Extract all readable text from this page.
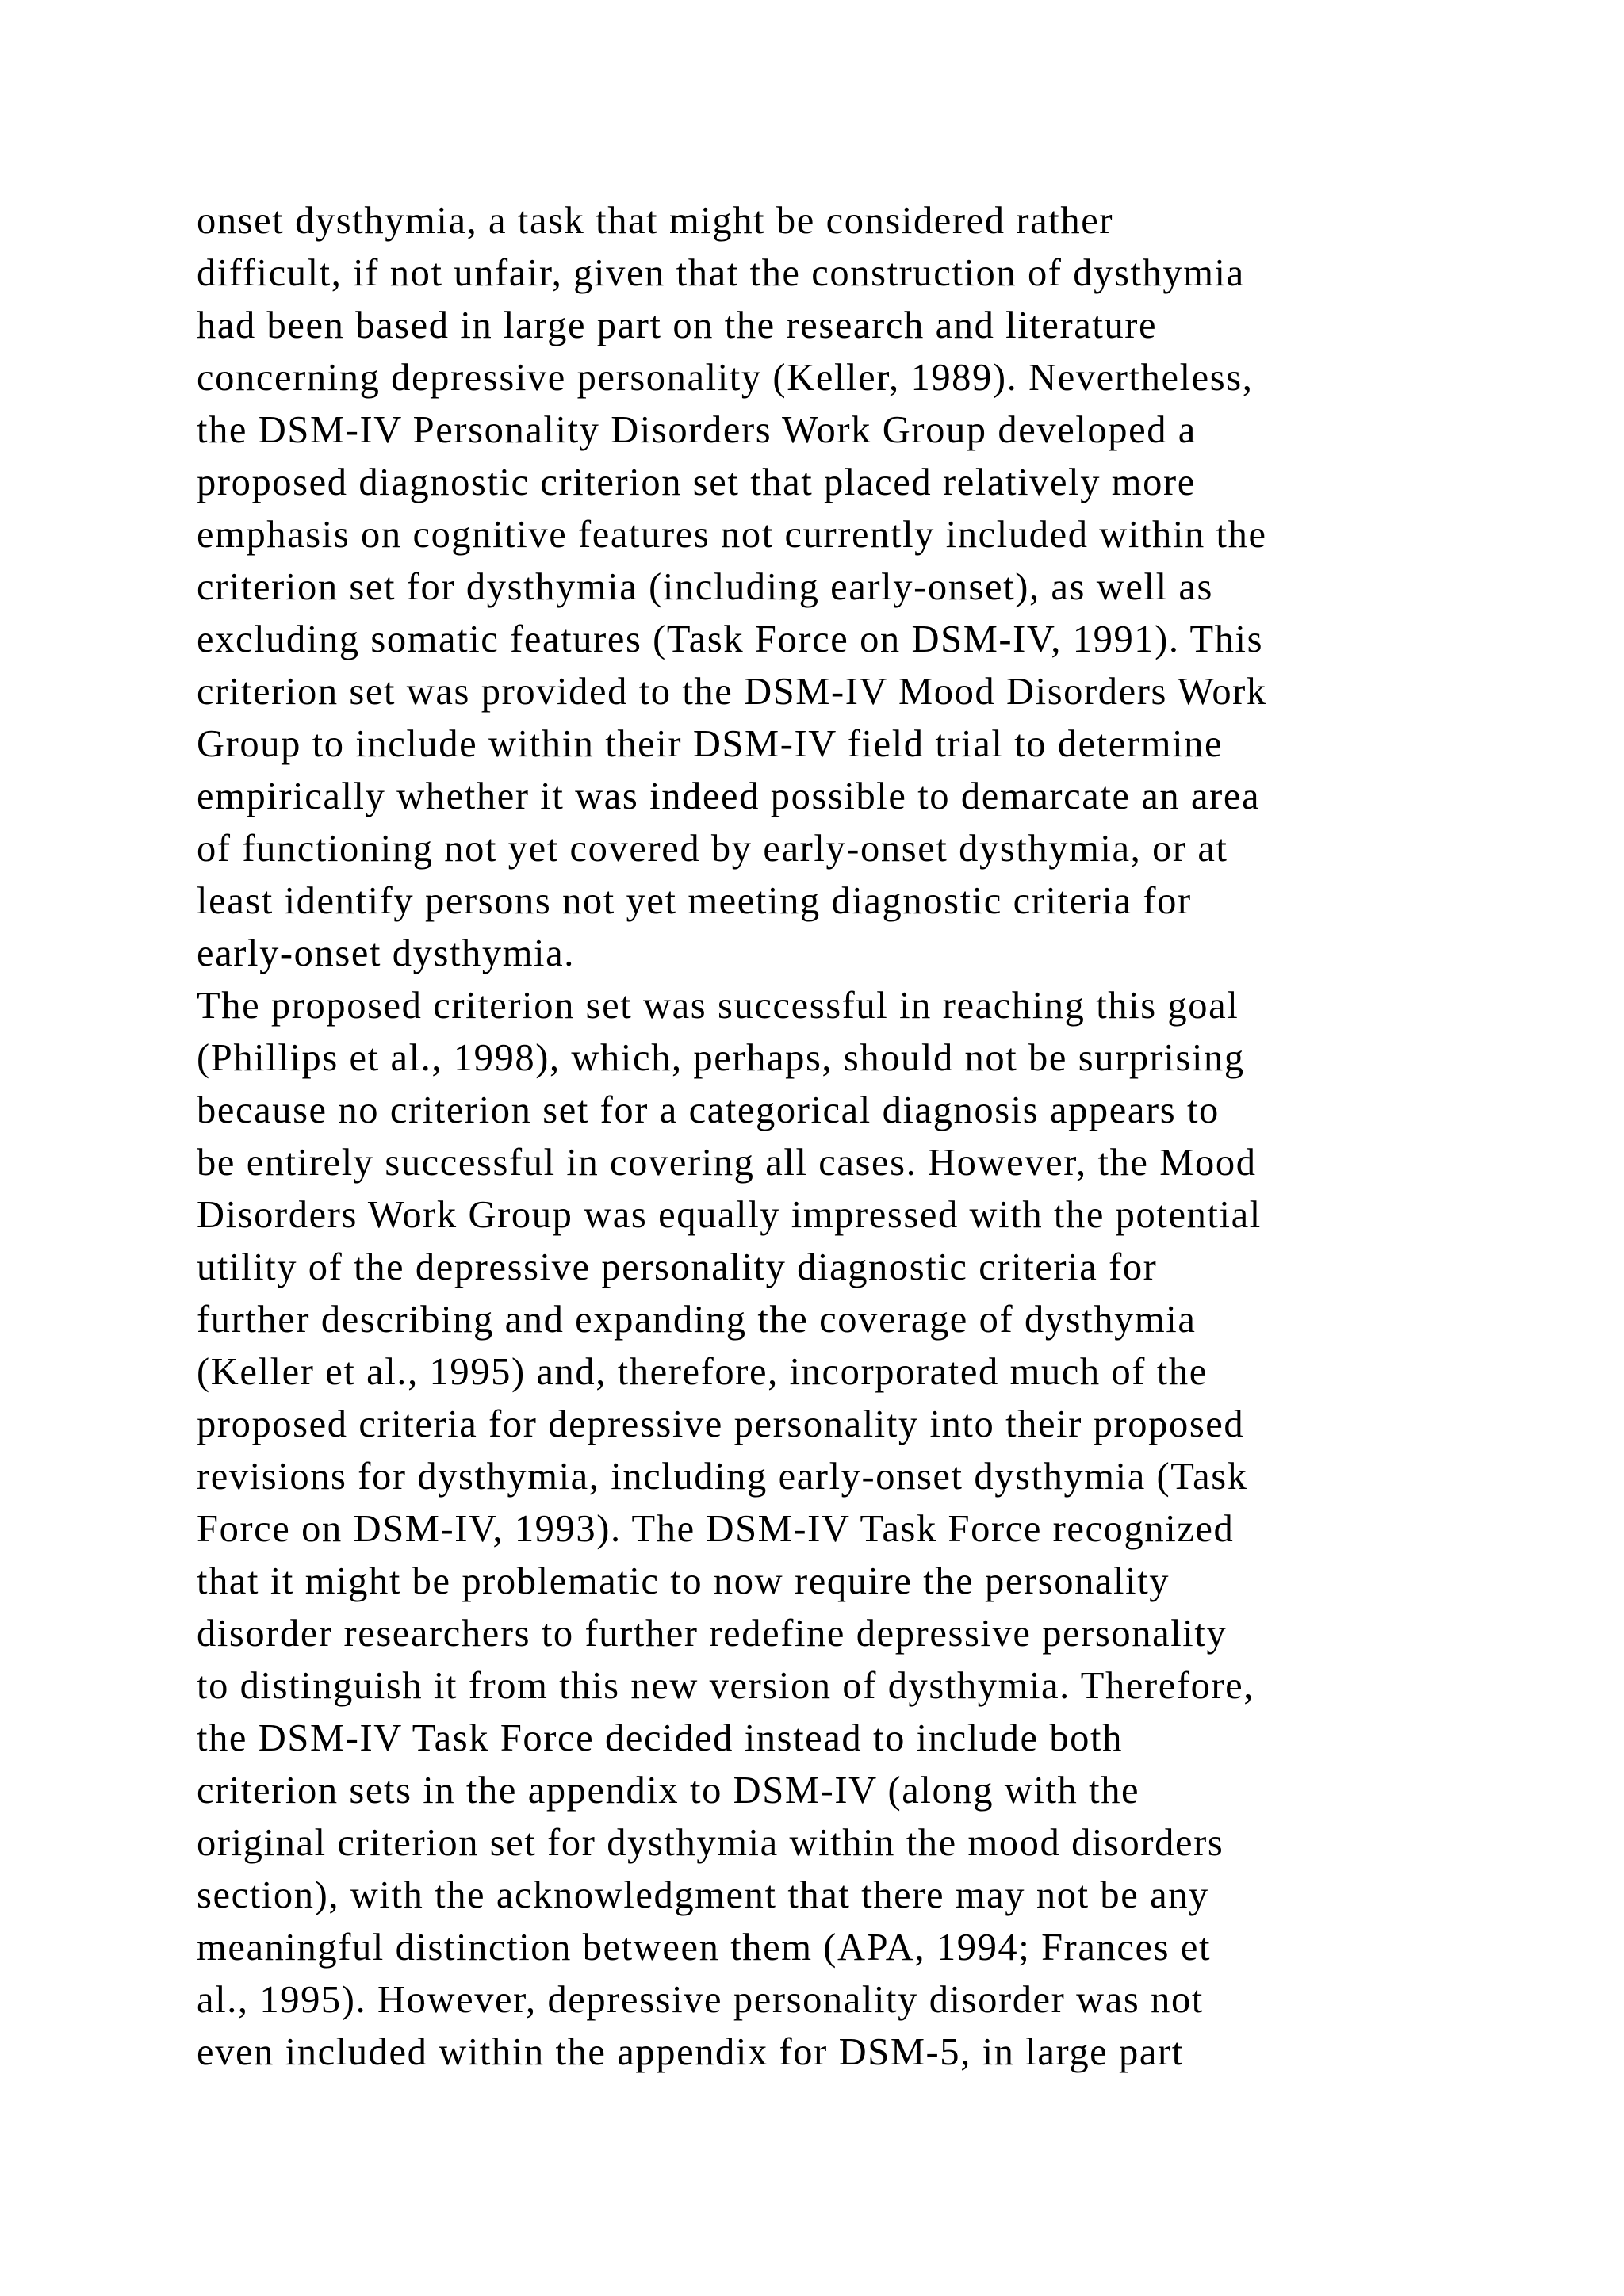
onset dysthymia, a task that might be considered rather
difficult, if not unfair, given that the construction of dysthymia
had been based in large part on the research and literature
concerning depressive personality (Keller, 1989). Nevertheless,
the DSM-IV Personality Disorders Work Group developed a
proposed diagnostic criterion set that placed relatively more
emphasis on cognitive features not currently included within the
criterion set for dysthymia (including early-onset), as well as
excluding somatic features (Task Force on DSM-IV, 1991). This
criterion set was provided to the DSM-IV Mood Disorders Work
Group to include within their DSM-IV field trial to determine
empirically whether it was indeed possible to demarcate an area
of functioning not yet covered by early-onset dysthymia, or at
least identify persons not yet meeting diagnostic criteria for
early-onset dysthymia.
The proposed criterion set was successful in reaching this goal
(Phillips et al., 1998), which, perhaps, should not be surprising
because no criterion set for a categorical diagnosis appears to
be entirely successful in covering all cases. However, the Mood
Disorders Work Group was equally impressed with the potential
utility of the depressive personality diagnostic criteria for
further describing and expanding the coverage of dysthymia
(Keller et al., 1995) and, therefore, incorporated much of the
proposed criteria for depressive personality into their proposed
revisions for dysthymia, including early-onset dysthymia (Task
Force on DSM-IV, 1993). The DSM-IV Task Force recognized
that it might be problematic to now require the personality
disorder researchers to further redefine depressive personality
to distinguish it from this new version of dysthymia. Therefore,
the DSM-IV Task Force decided instead to include both
criterion sets in the appendix to DSM-IV (along with the
original criterion set for dysthymia within the mood disorders
section), with the acknowledgment that there may not be any
meaningful distinction between them (APA, 1994; Frances et
al., 1995). However, depressive personality disorder was not
even included within the appendix for DSM-5, in large part
